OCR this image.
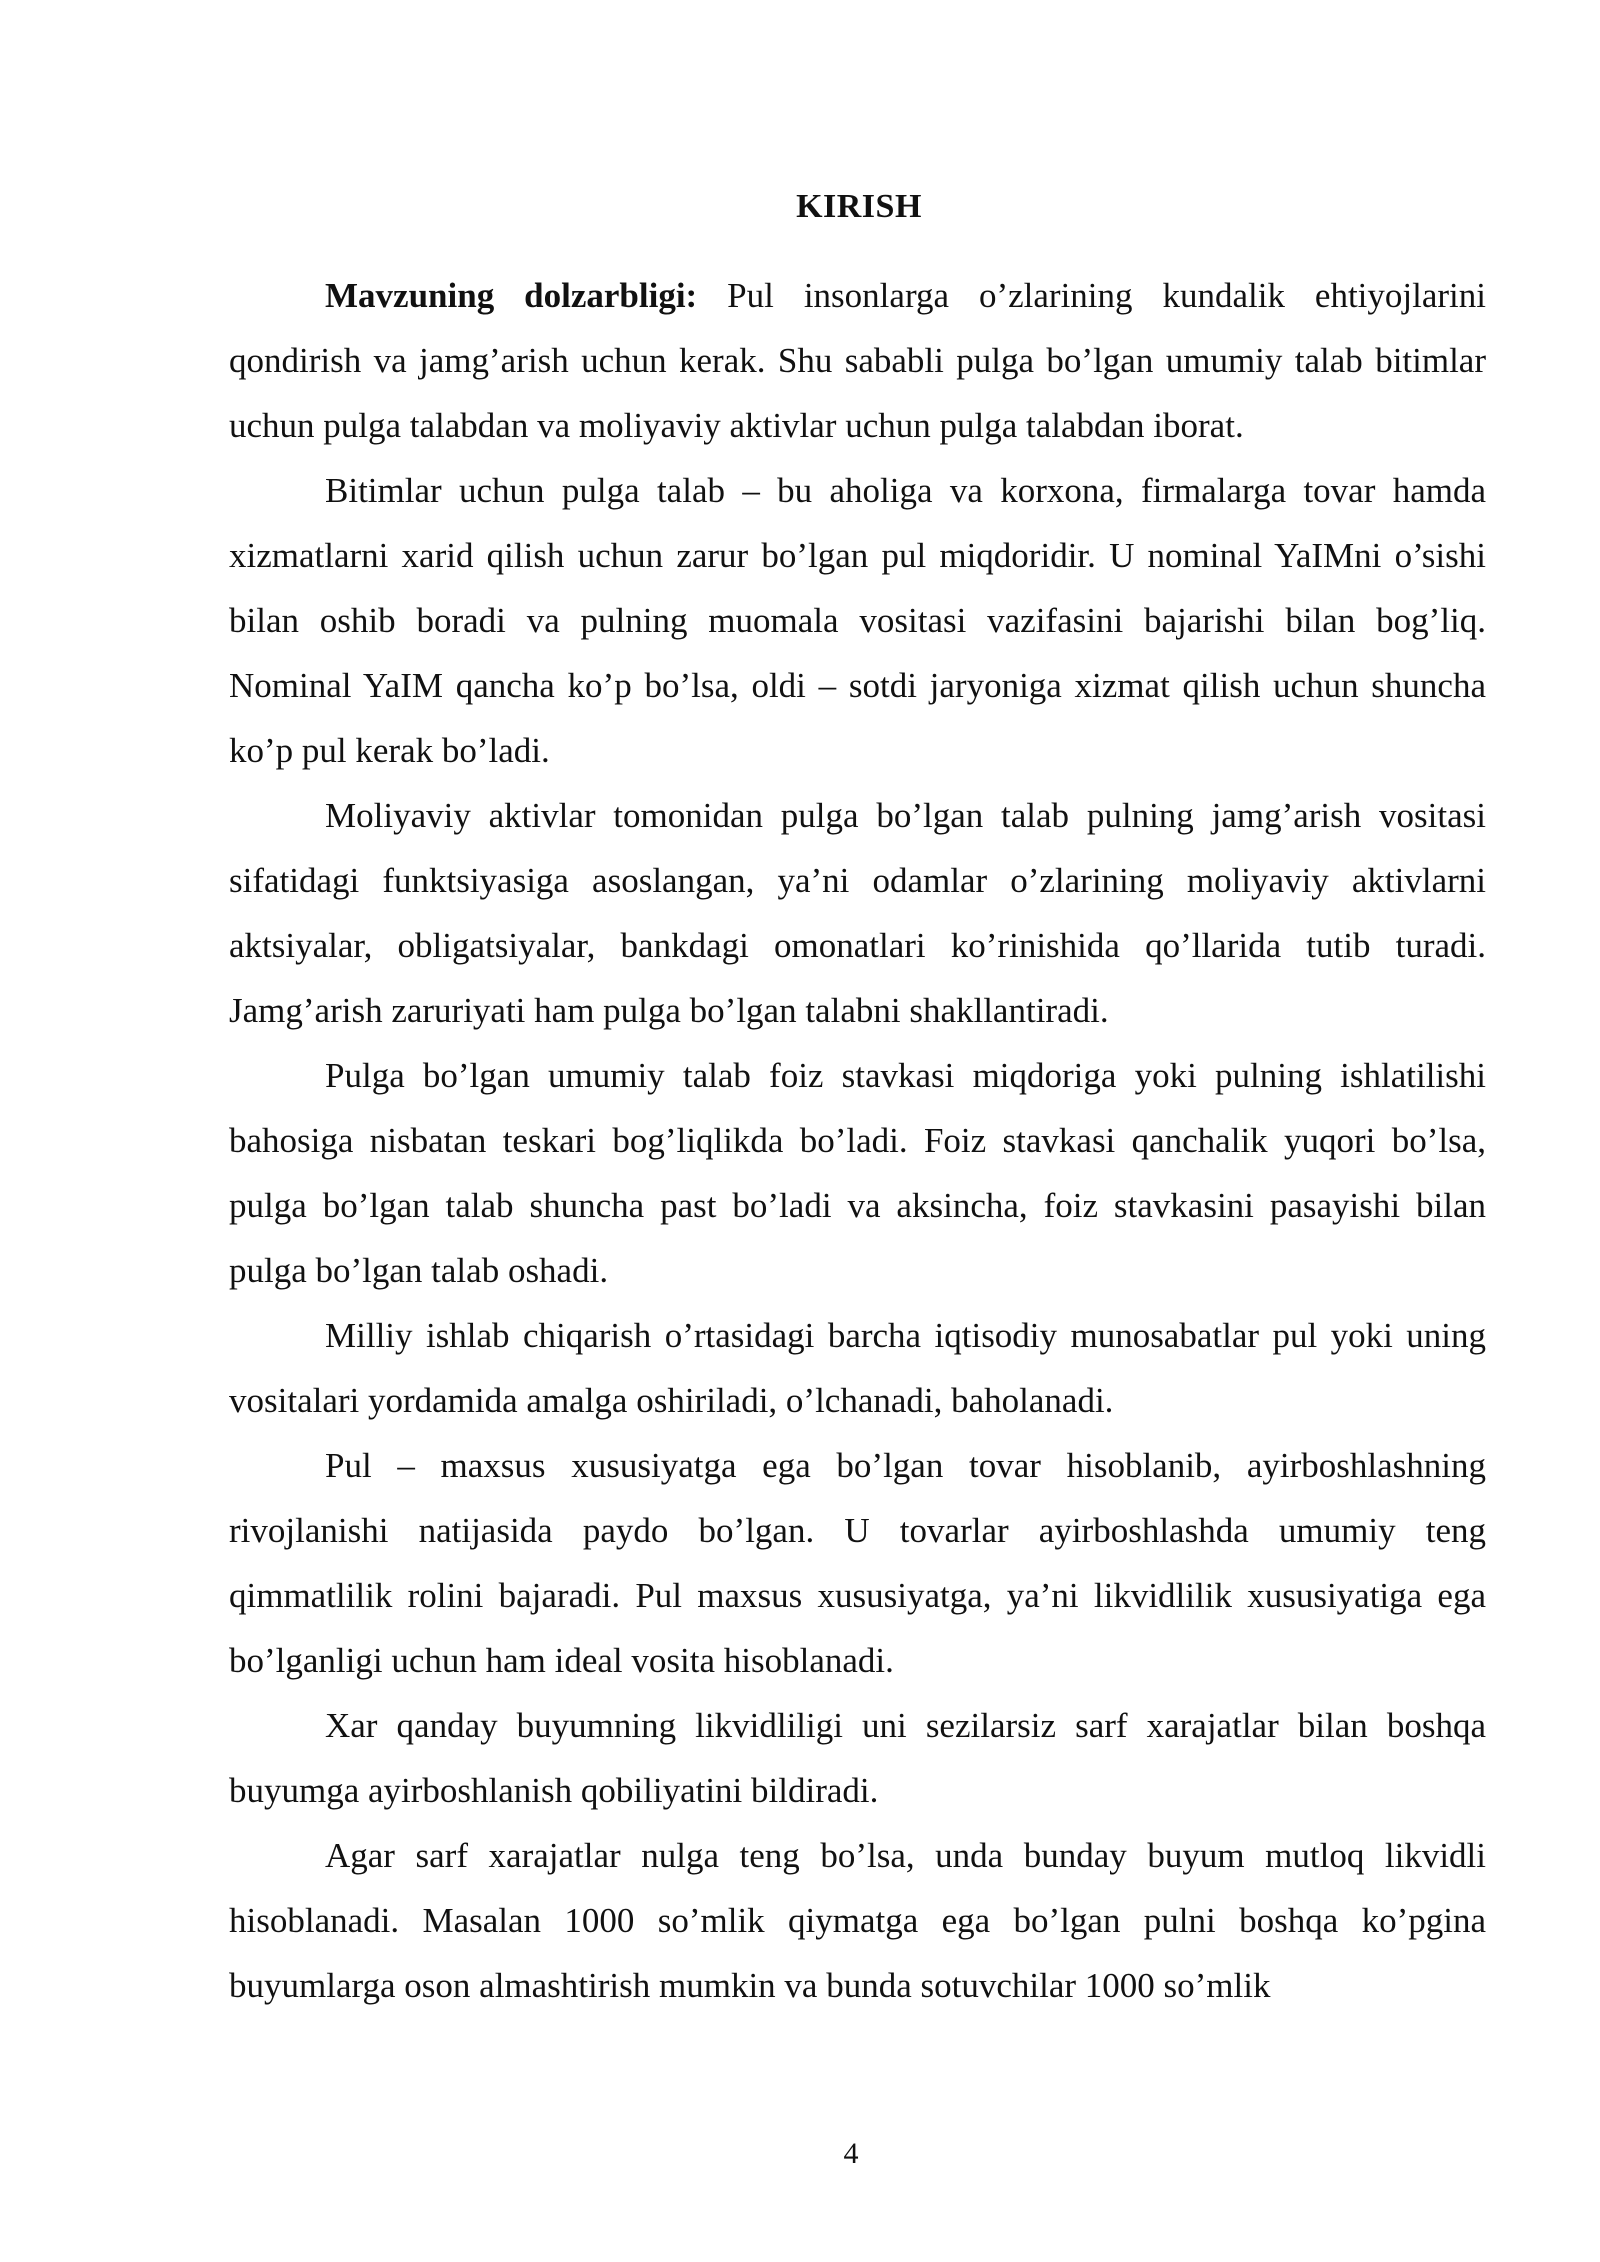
KIRISH

Mavzuning dolzarbligi: Pul insonlarga o’zlarining kundalik ehtiyojlarini qondirish va jamg’arish uchun kerak. Shu sababli pulga bo’lgan umumiy talab bitimlar uchun pulga talabdan va moliyaviy aktivlar uchun pulga talabdan iborat.

Bitimlar uchun pulga talab – bu aholiga va korxona, firmalarga tovar hamda xizmatlarni xarid qilish uchun zarur bo’lgan pul miqdoridir. U nominal YaIMni o’sishi bilan oshib boradi va pulning muomala vositasi vazifasini bajarishi bilan bog’liq. Nominal YaIM qancha ko’p bo’lsa, oldi – sotdi jaryoniga xizmat qilish uchun shuncha ko’p pul kerak bo’ladi.

Moliyaviy aktivlar tomonidan pulga bo’lgan talab pulning jamg’arish vositasi sifatidagi funktsiyasiga asoslangan, ya’ni odamlar o’zlarining moliyaviy aktivlarni aktsiyalar, obligatsiyalar, bankdagi omonatlari ko’rinishida qo’llarida tutib turadi. Jamg’arish zaruriyati ham pulga bo’lgan talabni shakllantiradi.

Pulga bo’lgan umumiy talab foiz stavkasi miqdoriga yoki pulning ishlatilishi bahosiga nisbatan teskari bog’liqlikda bo’ladi. Foiz stavkasi qanchalik yuqori bo’lsa, pulga bo’lgan talab shuncha past bo’ladi va aksincha, foiz stavkasini pasayishi bilan pulga bo’lgan talab oshadi.

Milliy ishlab chiqarish o’rtasidagi barcha iqtisodiy munosabatlar pul yoki uning vositalari yordamida amalga oshiriladi, o’lchanadi, baholanadi.

Pul – maxsus xususiyatga ega bo’lgan tovar hisoblanib, ayirboshlashning rivojlanishi natijasida paydo bo’lgan. U tovarlar ayirboshlashda umumiy teng qimmatlilik rolini bajaradi. Pul maxsus xususiyatga, ya’ni likvidlilik xususiyatiga ega bo’lganligi uchun ham ideal vosita hisoblanadi.

Xar qanday buyumning likvidliligi uni sezilarsiz sarf xarajatlar bilan boshqa buyumga ayirboshlanish qobiliyatini bildiradi.

Agar sarf xarajatlar nulga teng bo’lsa, unda bunday buyum mutloq likvidli hisoblanadi. Masalan 1000 so’mlik qiymatga ega bo’lgan pulni boshqa ko’pgina buyumlarga oson almashtirish mumkin va bunda sotuvchilar 1000 so’mlik

4
